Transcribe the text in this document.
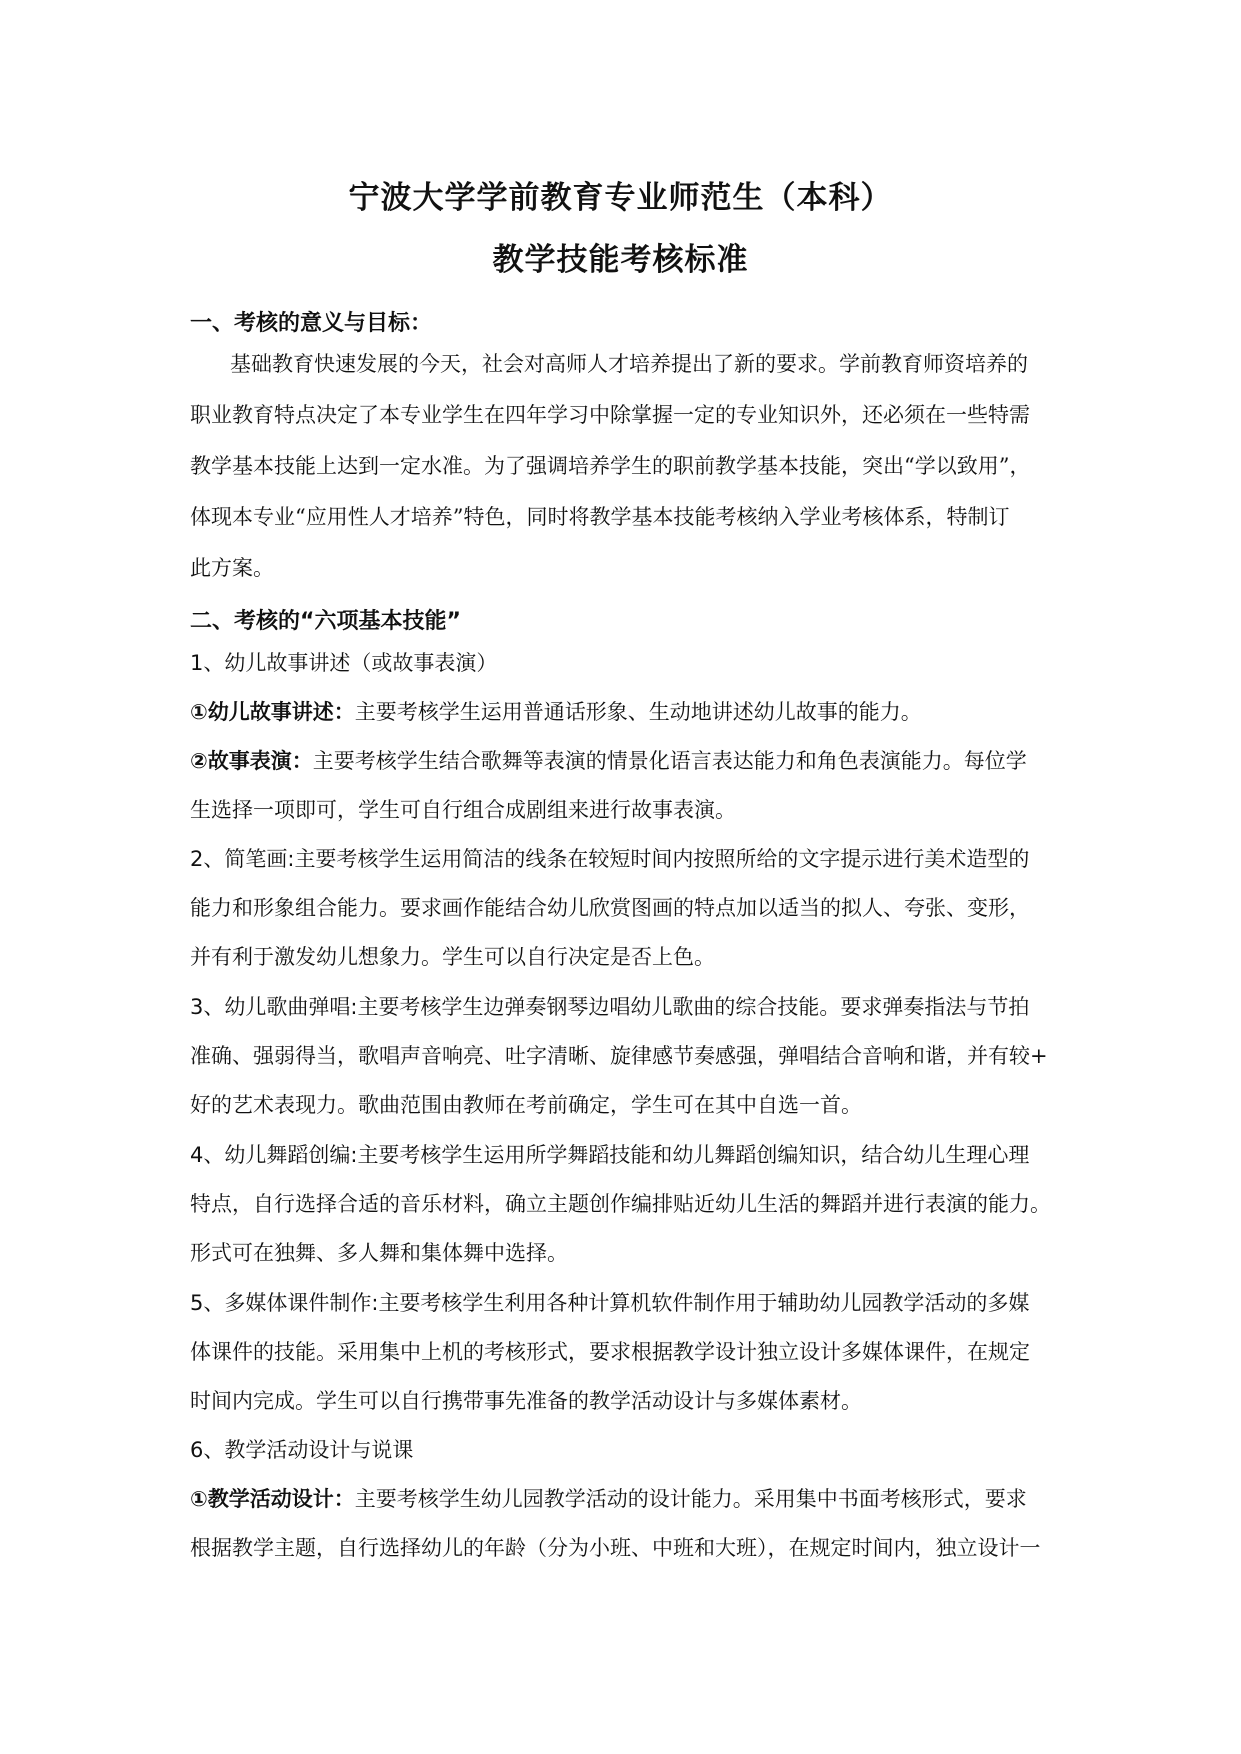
宁波大学学前教育专业师范生（本科）
教学技能考核标准
一、考核的意义与目标：
基础教育快速发展的今天，社会对高师人才培养提出了新的要求。学前教育师资培养的
职业教育特点决定了本专业学生在四年学习中除掌握一定的专业知识外，还必须在一些特需
教学基本技能上达到一定水准。为了强调培养学生的职前教学基本技能，突出“学以致用”，
体现本专业“应用性人才培养”特色，同时将教学基本技能考核纳入学业考核体系，特制订
此方案。
二、考核的“六项基本技能”
1、幼儿故事讲述（或故事表演）
①幼儿故事讲述：主要考核学生运用普通话形象、生动地讲述幼儿故事的能力。
②故事表演：主要考核学生结合歌舞等表演的情景化语言表达能力和角色表演能力。每位学
生选择一项即可，学生可自行组合成剧组来进行故事表演。
2、简笔画:主要考核学生运用简洁的线条在较短时间内按照所给的文字提示进行美术造型的
能力和形象组合能力。要求画作能结合幼儿欣赏图画的特点加以适当的拟人、夸张、变形，
并有利于激发幼儿想象力。学生可以自行决定是否上色。
3、幼儿歌曲弹唱:主要考核学生边弹奏钢琴边唱幼儿歌曲的综合技能。要求弹奏指法与节拍
准确、强弱得当，歌唱声音响亮、吐字清晰、旋律感节奏感强，弹唱结合音响和谐，并有较+
好的艺术表现力。歌曲范围由教师在考前确定，学生可在其中自选一首。
4、幼儿舞蹈创编:主要考核学生运用所学舞蹈技能和幼儿舞蹈创编知识，结合幼儿生理心理
特点，自行选择合适的音乐材料，确立主题创作编排贴近幼儿生活的舞蹈并进行表演的能力。
形式可在独舞、多人舞和集体舞中选择。
5、多媒体课件制作:主要考核学生利用各种计算机软件制作用于辅助幼儿园教学活动的多媒
体课件的技能。采用集中上机的考核形式，要求根据教学设计独立设计多媒体课件，在规定
时间内完成。学生可以自行携带事先准备的教学活动设计与多媒体素材。
6、教学活动设计与说课
①教学活动设计：主要考核学生幼儿园教学活动的设计能力。采用集中书面考核形式，要求
根据教学主题，自行选择幼儿的年龄（分为小班、中班和大班），在规定时间内，独立设计一
